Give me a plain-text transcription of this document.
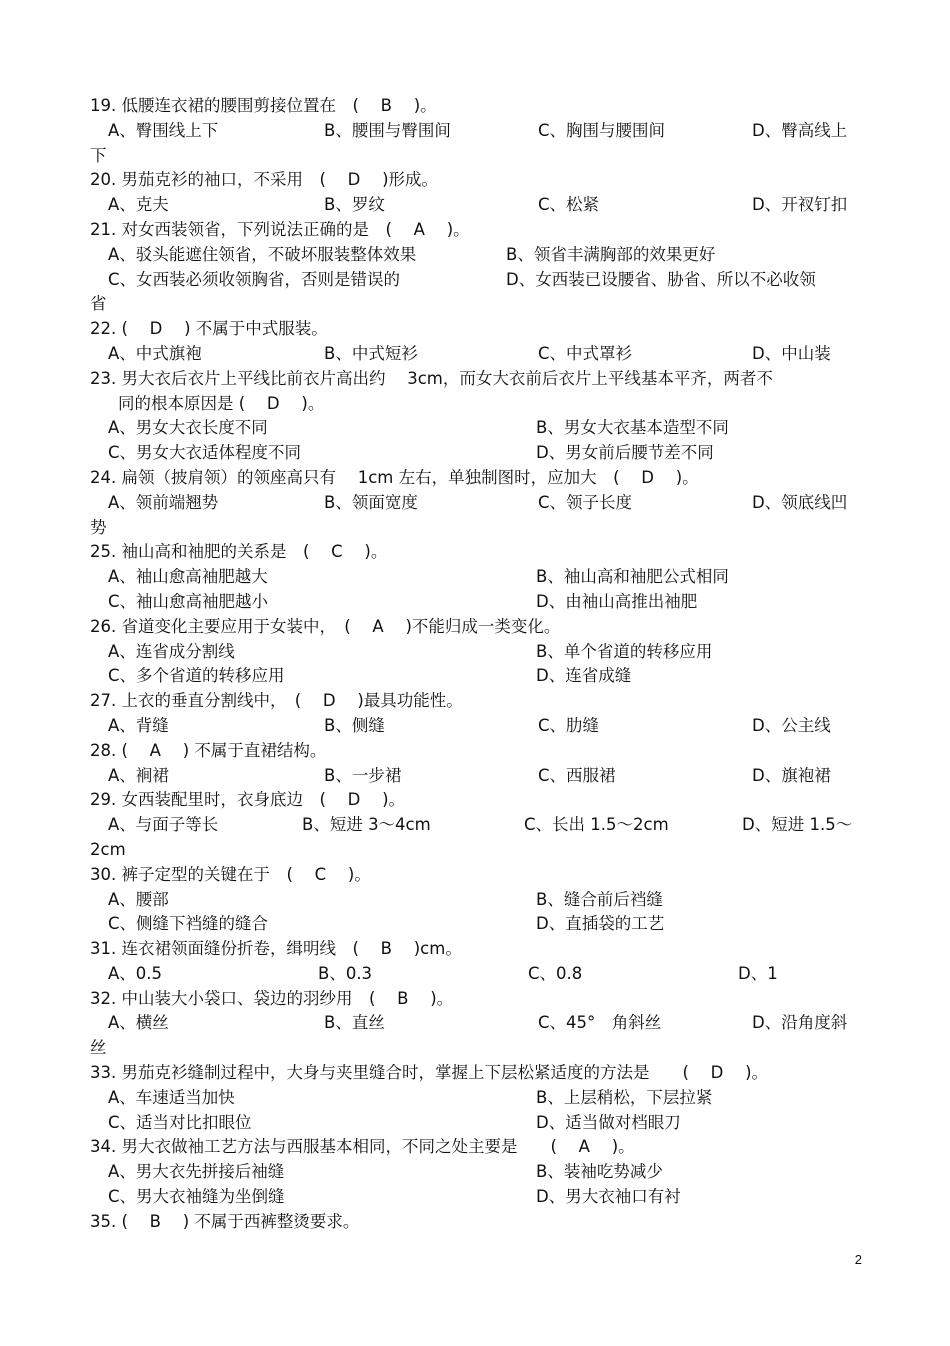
19. 低腰连衣裙的腰围剪接位置在　(　 B　 )。
A、臀围线上下	B、腰围与臀围间	C、胸围与腰围间	D、臀高线上
下
20. 男茄克衫的袖口，不采用　(　 D　 )形成。
A、克夫	B、罗纹	C、松紧	D、开衩钉扣
21. 对女西装领省，下列说法正确的是　(　 A　 )。
A、驳头能遮住领省，不破坏服装整体效果	B、领省丰满胸部的效果更好
C、女西装必须收领胸省，否则是错误的	D、女西装已设腰省、胁省、所以不必收领
省
22. (　 D　 ) 不属于中式服装。
A、中式旗袍	B、中式短衫	C、中式罩衫	D、中山装
23. 男大衣后衣片上平线比前衣片高出约　 3cm，而女大衣前后衣片上平线基本平齐，两者不
同的根本原因是 (　 D　 )。
A、男女大衣长度不同	B、男女大衣基本造型不同
C、男女大衣适体程度不同	D、男女前后腰节差不同
24. 扁领（披肩领）的领座高只有　 1cm 左右，单独制图时，应加大　(　 D　 )。
A、领前端翘势	B、领面宽度	C、领子长度	D、领底线凹
势
25. 袖山高和袖肥的关系是　(　 C　 )。
A、袖山愈高袖肥越大	B、袖山高和袖肥公式相同
C、袖山愈高袖肥越小	D、由袖山高推出袖肥
26. 省道变化主要应用于女装中，　(　 A　 )不能归成一类变化。
A、连省成分割线	B、单个省道的转移应用
C、多个省道的转移应用	D、连省成缝
27. 上衣的垂直分割线中，　(　 D　 )最具功能性。
A、背缝	B、侧缝	C、肋缝	D、公主线
28. (　 A　 ) 不属于直裙结构。
A、裥裙	B、一步裙	C、西服裙	D、旗袍裙
29. 女西装配里时，衣身底边　(　 D　 )。
A、与面子等长	B、短进 3～4cm	C、长出 1.5～2cm	D、短进 1.5～
2cm
30. 裤子定型的关键在于　(　 C　 )。
A、腰部	B、缝合前后裆缝
C、侧缝下裆缝的缝合	D、直插袋的工艺
31. 连衣裙领面缝份折卷，缉明线　(　 B　 )cm。
A、0.5	B、0.3	C、0.8	D、1
32. 中山装大小袋口、袋边的羽纱用　(　 B　 )。
A、横丝	B、直丝	C、45°　角斜丝	D、沿角度斜
丝
33. 男茄克衫缝制过程中，大身与夹里缝合时，掌握上下层松紧适度的方法是　　(　 D　 )。
A、车速适当加快	B、上层稍松，下层拉紧
C、适当对比扣眼位	D、适当做对档眼刀
34. 男大衣做袖工艺方法与西服基本相同，不同之处主要是　　(　 A　 )。
A、男大衣先拼接后袖缝	B、装袖吃势减少
C、男大衣袖缝为坐倒缝	D、男大衣袖口有衬
35. (　 B　 ) 不属于西裤整烫要求。
2
